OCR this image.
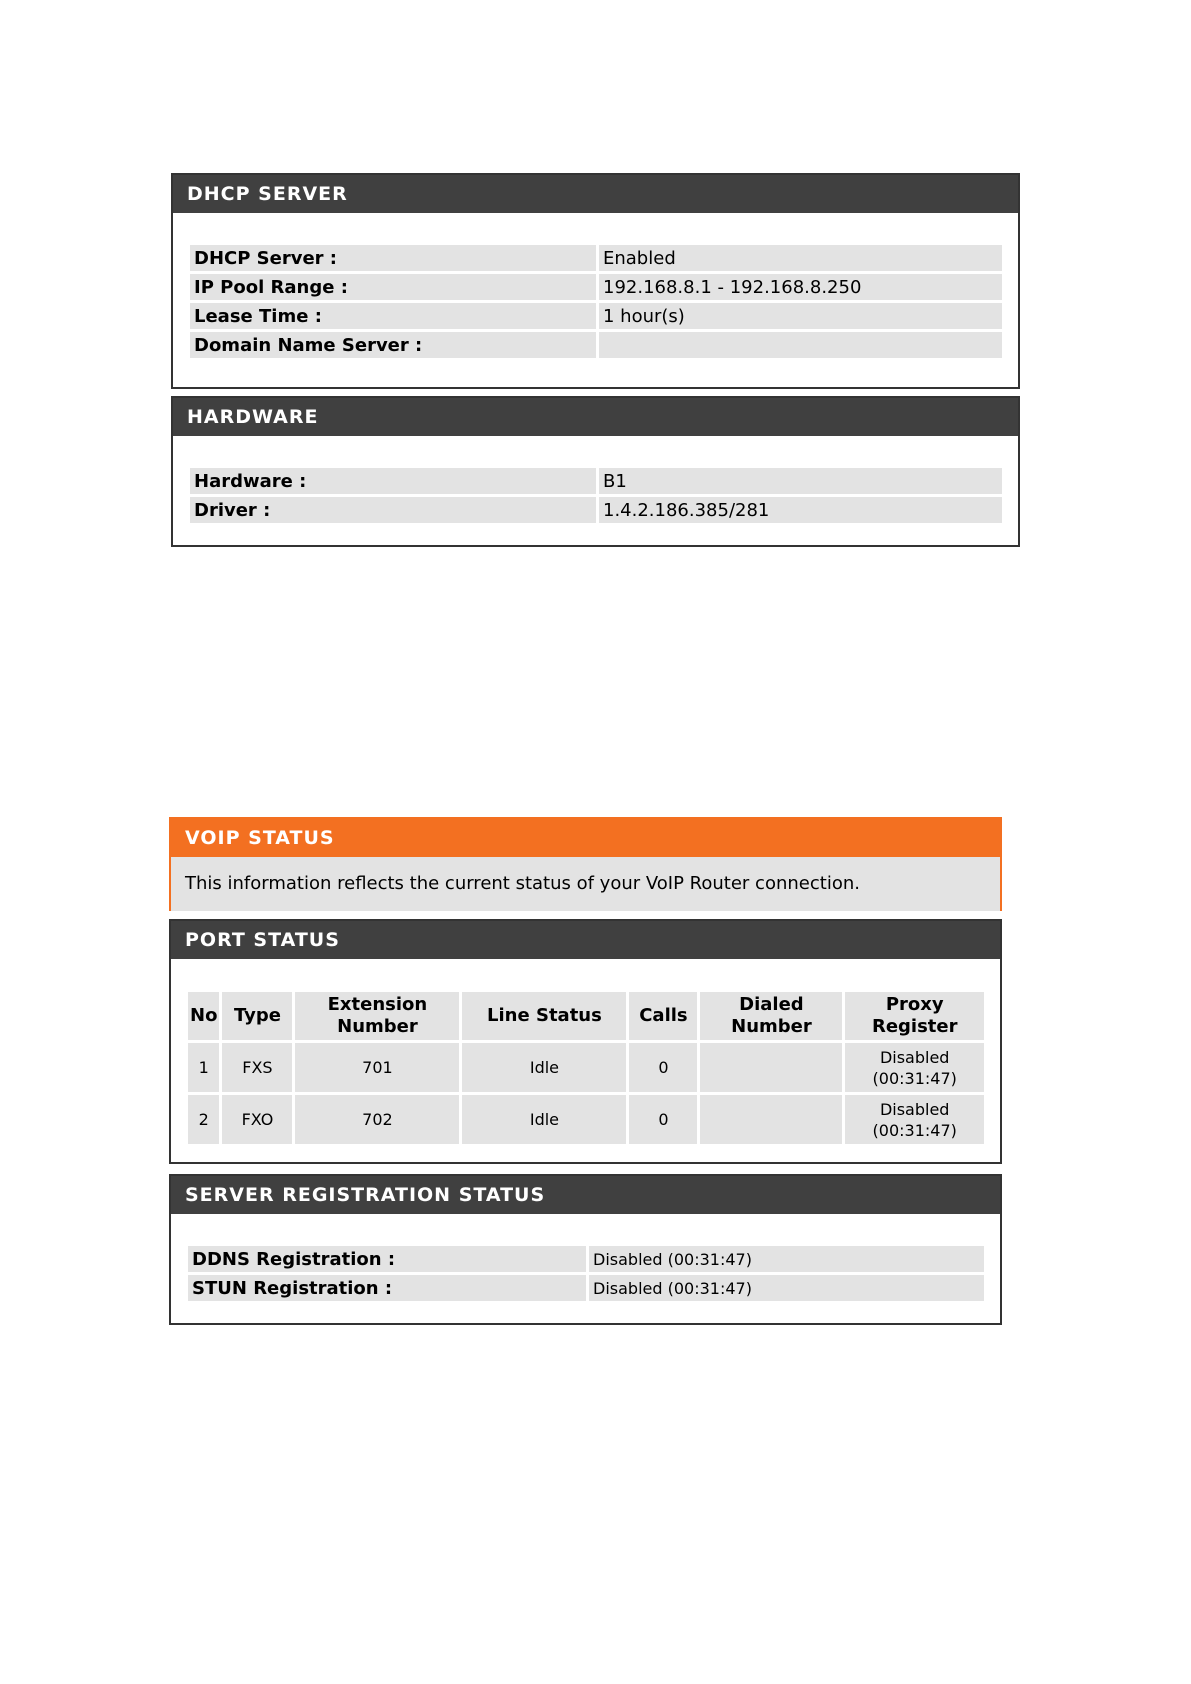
DHCP SERVER
DHCP Server :	Enabled
IP Pool Range :	192.168.8.1 - 192.168.8.250
Lease Time :	1 hour(s)
Domain Name Server :	
HARDWARE
Hardware :	B1
Driver :	1.4.2.186.385/281
VOIP STATUS
This information reflects the current status of your VoIP Router connection.
PORT STATUS
No	Type	Extension Number	Line Status	Calls	Dialed Number	Proxy Register
1	FXS	701	Idle	0		Disabled (00:31:47)
2	FXO	702	Idle	0		Disabled (00:31:47)
SERVER REGISTRATION STATUS
DDNS Registration :	Disabled (00:31:47)
STUN Registration :	Disabled (00:31:47)
